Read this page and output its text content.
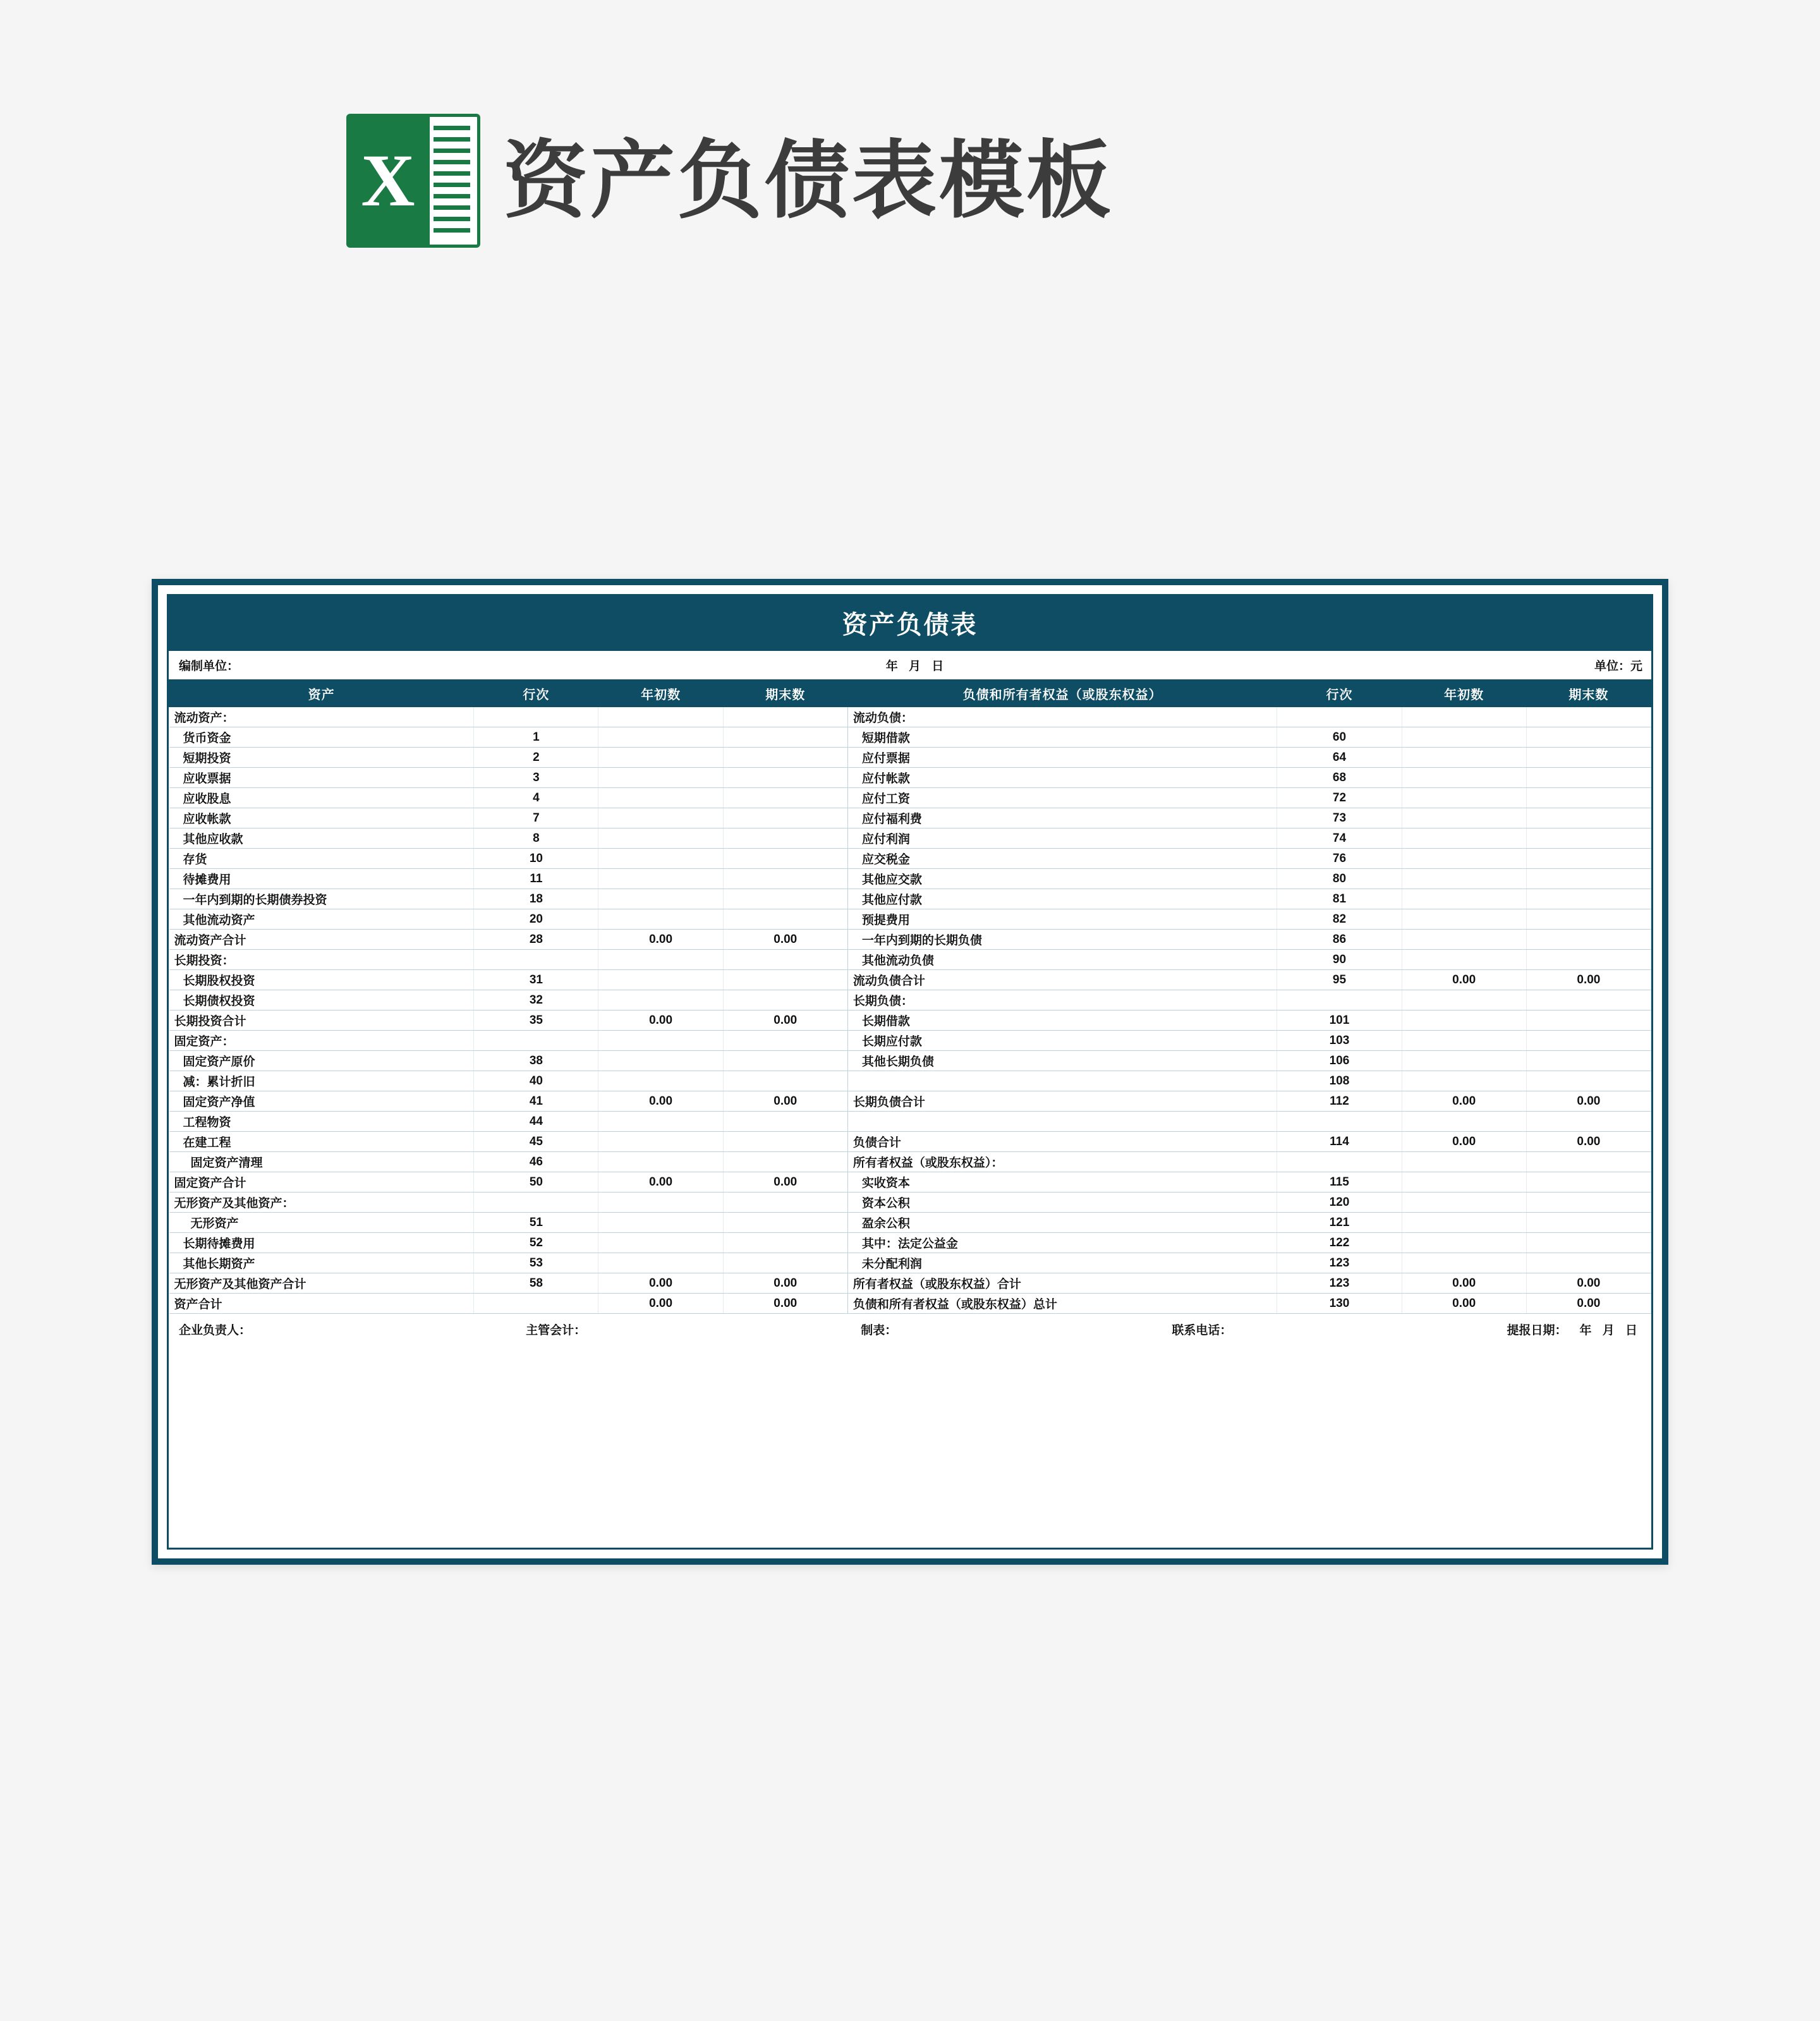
X 资产负债表模板
资产负债表
编制单位：	年 月 日	单位：元
资产	行次	年初数	期末数	负债和所有者权益（或股东权益）	行次	年初数	期末数
流动资产：				流动负债：			
货币资金	1			短期借款	60		
短期投资	2			应付票据	64		
应收票据	3			应付帐款	68		
应收股息	4			应付工资	72		
应收帐款	7			应付福利费	73		
其他应收款	8			应付利润	74		
存货	10			应交税金	76		
待摊费用	11			其他应交款	80		
一年内到期的长期债券投资	18			其他应付款	81		
其他流动资产	20			预提费用	82		
流动资产合计	28	0.00	0.00	一年内到期的长期负债	86		
长期投资：				其他流动负债	90		
长期股权投资	31			流动负债合计	95	0.00	0.00
长期债权投资	32			长期负债：			
长期投资合计	35	0.00	0.00	长期借款	101		
固定资产：				长期应付款	103		
固定资产原价	38			其他长期负债	106		
减：累计折旧	40				108		
固定资产净值	41	0.00	0.00	长期负债合计	112	0.00	0.00
工程物资	44						
在建工程	45			负债合计	114	0.00	0.00
固定资产清理	46			所有者权益（或股东权益）：			
固定资产合计	50	0.00	0.00	实收资本	115		
无形资产及其他资产：				资本公积	120		
无形资产	51			盈余公积	121		
长期待摊费用	52			其中：法定公益金	122		
其他长期资产	53			未分配利润	123		
无形资产及其他资产合计	58	0.00	0.00	所有者权益（或股东权益）合计	123	0.00	0.00
资产合计		0.00	0.00	负债和所有者权益（或股东权益）总计	130	0.00	0.00
企业负责人：	主管会计：	制表：	联系电话：	提报日期： 年 月 日
